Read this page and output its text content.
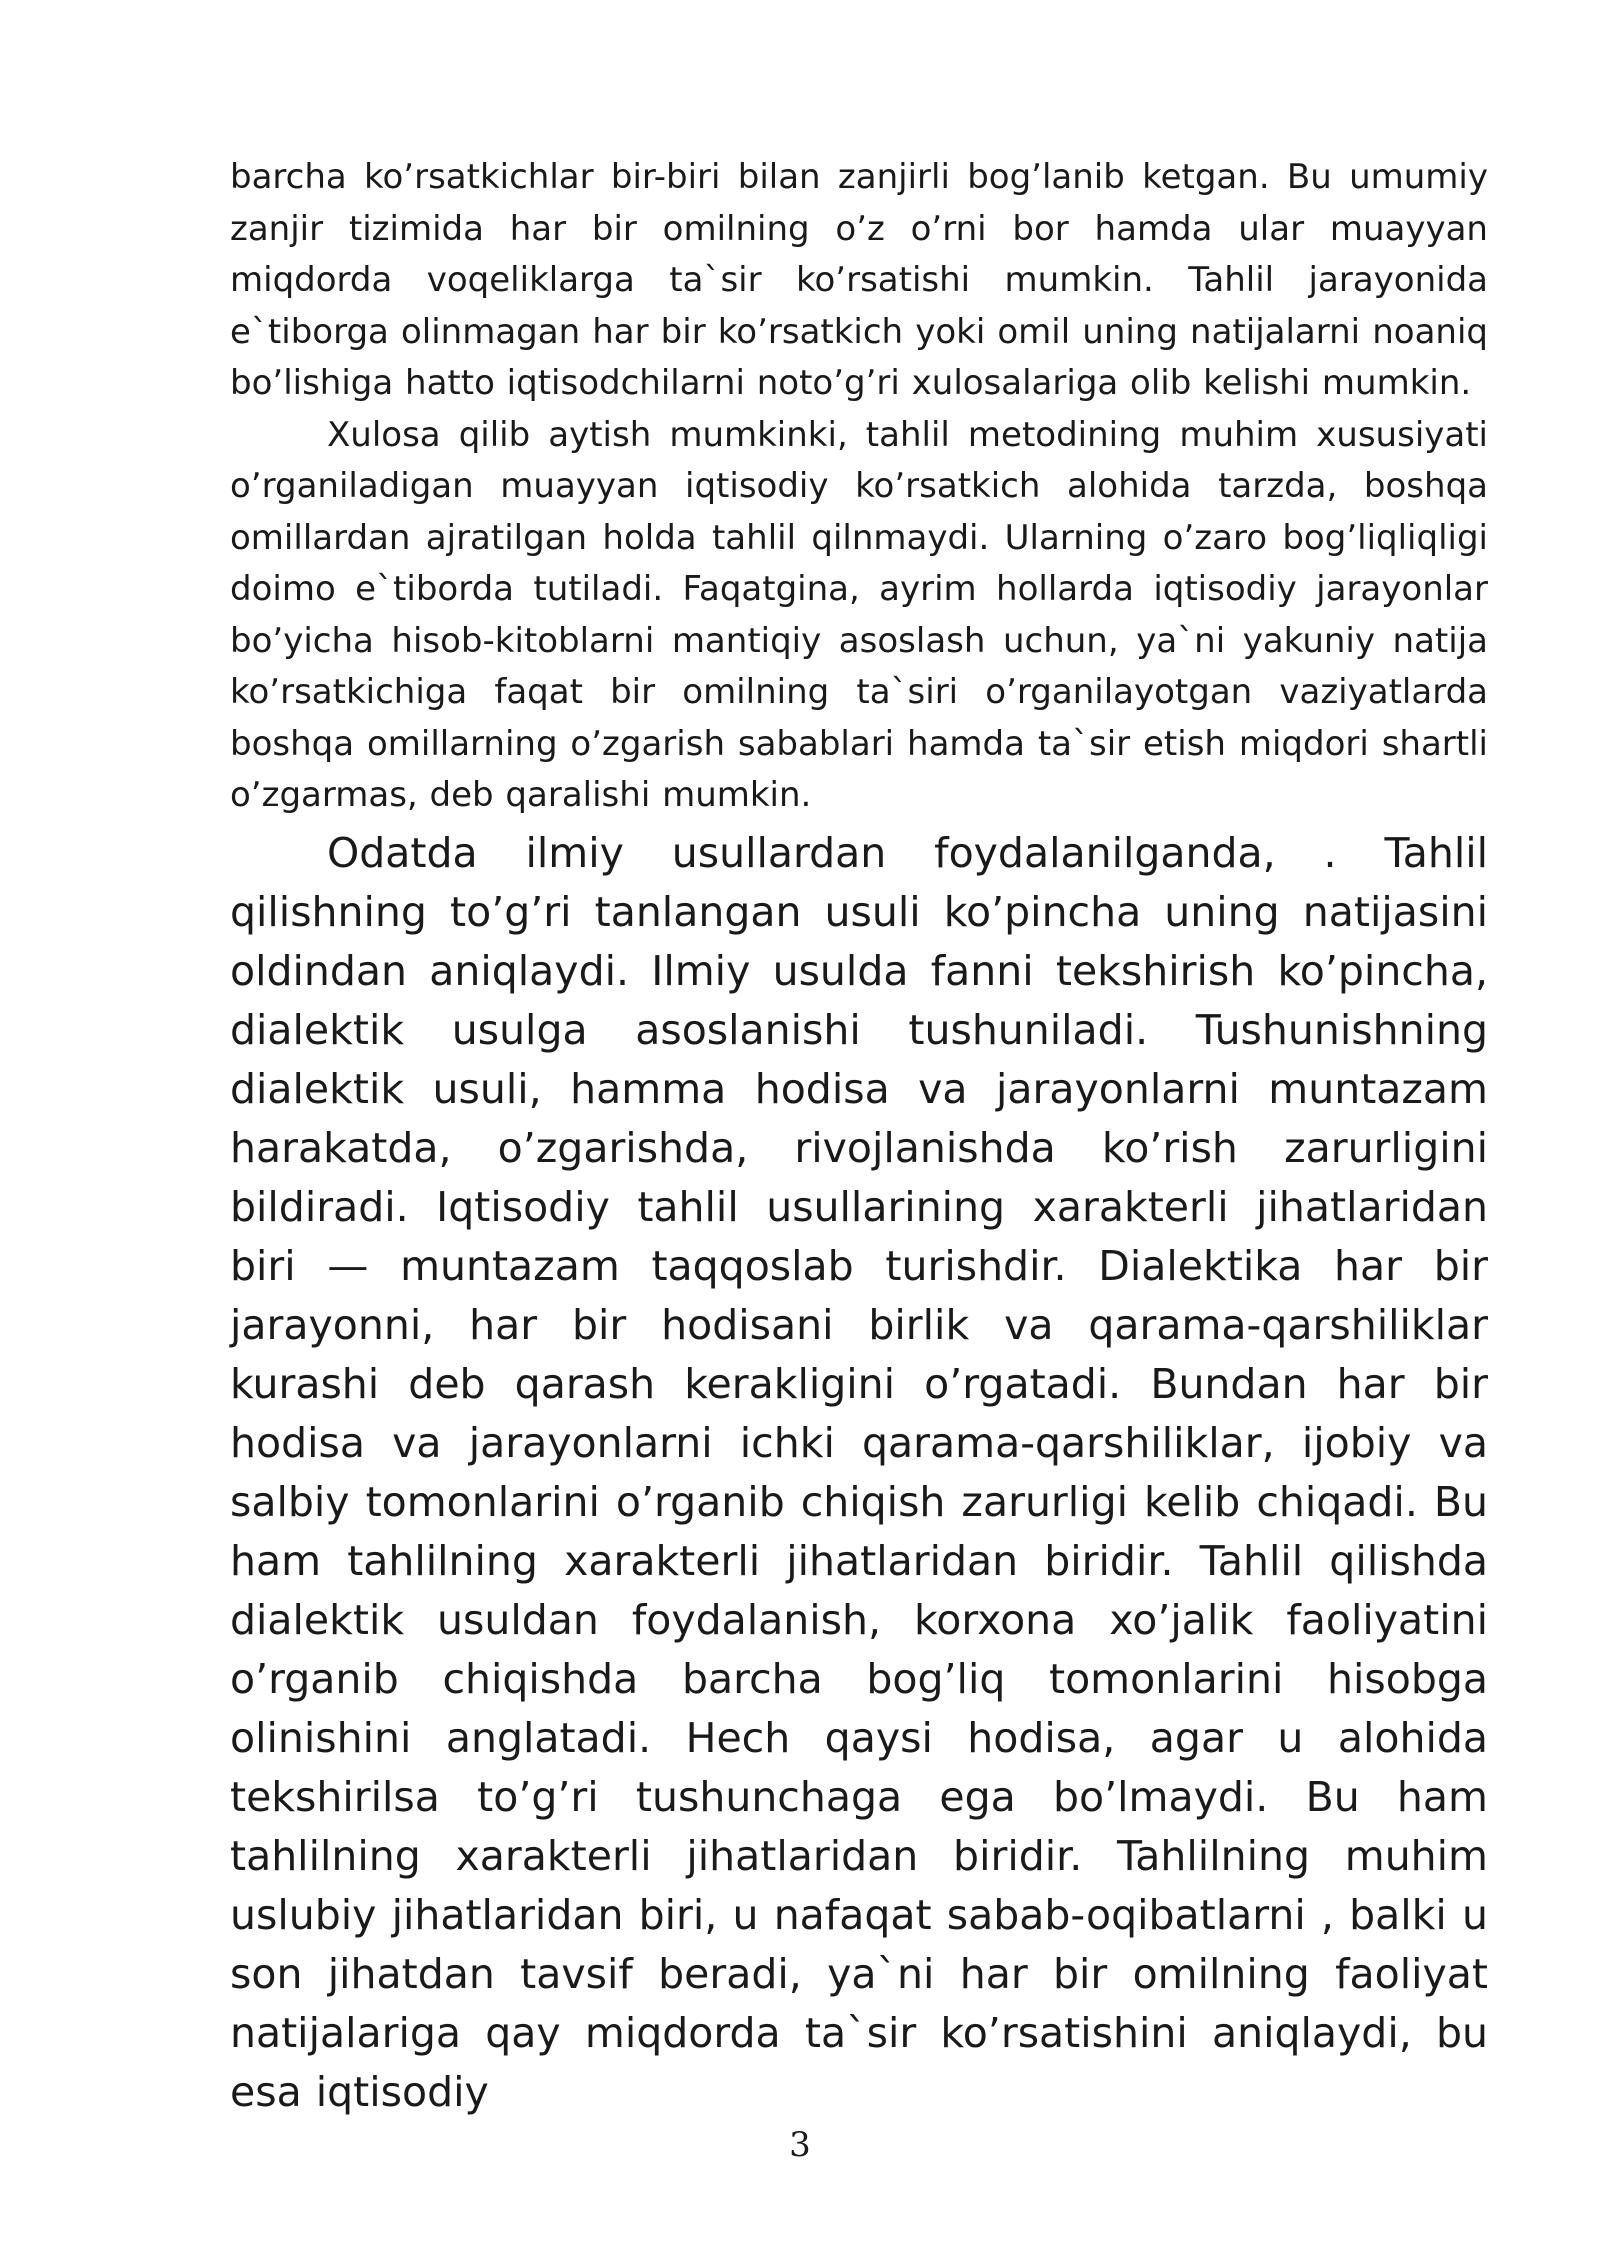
barcha ko’rsatkichlar bir-biri bilan zanjirli bog’lanib ketgan. Bu umumiy zanjir tizimida har bir omilning o’z o’rni bor hamda ular muayyan miqdorda voqeliklarga ta`sir ko’rsatishi mumkin. Tahlil jarayonida e`tiborga olinmagan har bir ko’rsatkich yoki omil uning natijalarni noaniq bo’lishiga hatto iqtisodchilarni noto’g’ri xulosalariga olib kelishi mumkin.

Xulosa qilib aytish mumkinki, tahlil metodining muhim xususiyati o’rganiladigan muayyan iqtisodiy ko’rsatkich alohida tarzda, boshqa omillardan ajratilgan holda tahlil qilnmaydi. Ularning o’zaro bog’liqliqligi doimo e`tiborda tutiladi. Faqatgina, ayrim hollarda iqtisodiy jarayonlar bo’yicha hisob-kitoblarni mantiqiy asoslash uchun, ya`ni yakuniy natija ko’rsatkichiga faqat bir omilning ta`siri o’rganilayotgan vaziyatlarda boshqa omillarning o’zgarish sabablari hamda ta`sir etish miqdori shartli o’zgarmas, deb qaralishi mumkin.

Odatda ilmiy usullardan foydalanilganda, . Tahlil qilishning to’g’ri tanlangan usuli ko’pincha uning natijasini oldindan aniqlaydi. Ilmiy usulda fanni tekshirish ko’pincha, dialektik usulga asoslanishi tushuniladi. Tushunishning dialektik usuli, hamma hodisa va jarayonlarni muntazam harakatda, o’zgarishda, rivojlanishda ko’rish zarurligini bildiradi. Iqtisodiy tahlil usullarining xarakterli jihatlaridan biri — muntazam taqqoslab turishdir. Dialektika har bir jarayonni, har bir hodisani birlik va qarama-qarshiliklar kurashi deb qarash kerakligini o’rgatadi. Bundan har bir hodisa va jarayonlarni ichki qarama-qarshiliklar, ijobiy va salbiy tomonlarini o’rganib chiqish zarurligi kelib chiqadi. Bu ham tahlilning xarakterli jihatlaridan biridir. Tahlil qilishda dialektik usuldan foydalanish, korxona xo’jalik faoliyatini o’rganib chiqishda barcha bog’liq tomonlarini hisobga olinishini anglatadi. Hech qaysi hodisa, agar u alohida tekshirilsa to’g’ri tushunchaga ega bo’lmaydi. Bu ham tahlilning xarakterli jihatlaridan biridir. Tahlilning muhim uslubiy jihatlaridan biri, u nafaqat sabab-oqibatlarni , balki u son jihatdan tavsif beradi, ya`ni har bir omilning faoliyat natijalariga qay miqdorda ta`sir ko’rsatishini aniqlaydi, bu esa iqtisodiy

3
